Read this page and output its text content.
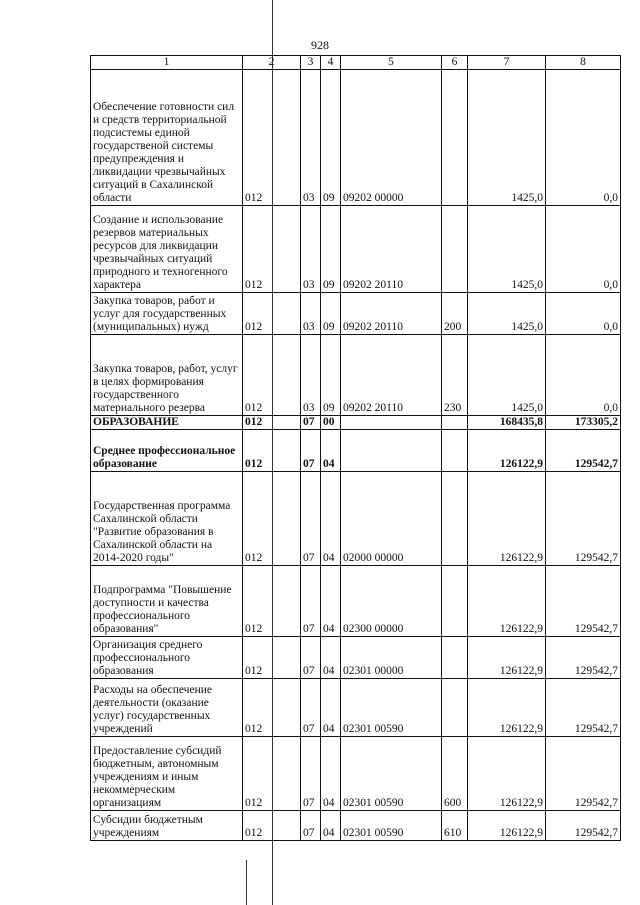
928
1	2	3	4	5	6	7	8

Обеспечение готовности сил и средств территориальной подсистемы единой государственой системы предупреждения и ликвидации чрезвычайных ситуаций в Сахалинской области	012	03	09	09202 00000		1425,0	0,0

Создание и использование резервов материальных ресурсов для ликвидации чрезвычайных ситуаций природного и техногенного характера	012	03	09	09202 20110		1425,0	0,0

Закупка товаров, работ и услуг для государственных (муниципальных) нужд	012	03	09	09202 20110	200	1425,0	0,0

Закупка товаров, работ, услуг в целях формирования государственного материального резерва	012	03	09	09202 20110	230	1425,0	0,0

ОБРАЗОВАНИЕ	012	07	00			168435,8	173305,2

Среднее профессиональное образование	012	07	04			126122,9	129542,7

Государственная программа Сахалинской области "Развитие образования в Сахалинской области на 2014-2020 годы"	012	07	04	02000 00000		126122,9	129542,7

Подпрограмма "Повышение доступности и качества профессионального образования"	012	07	04	02300 00000		126122,9	129542,7

Организация среднего профессионального образования	012	07	04	02301 00000		126122,9	129542,7

Расходы на обеспечение деятельности (оказание услуг) государственных учреждений	012	07	04	02301 00590		126122,9	129542,7

Предоставление субсидий бюджетным, автономным учреждениям и иным некоммерческим организациям	012	07	04	02301 00590	600	126122,9	129542,7

Субсидии бюджетным учреждениям	012	07	04	02301 00590	610	126122,9	129542,7
